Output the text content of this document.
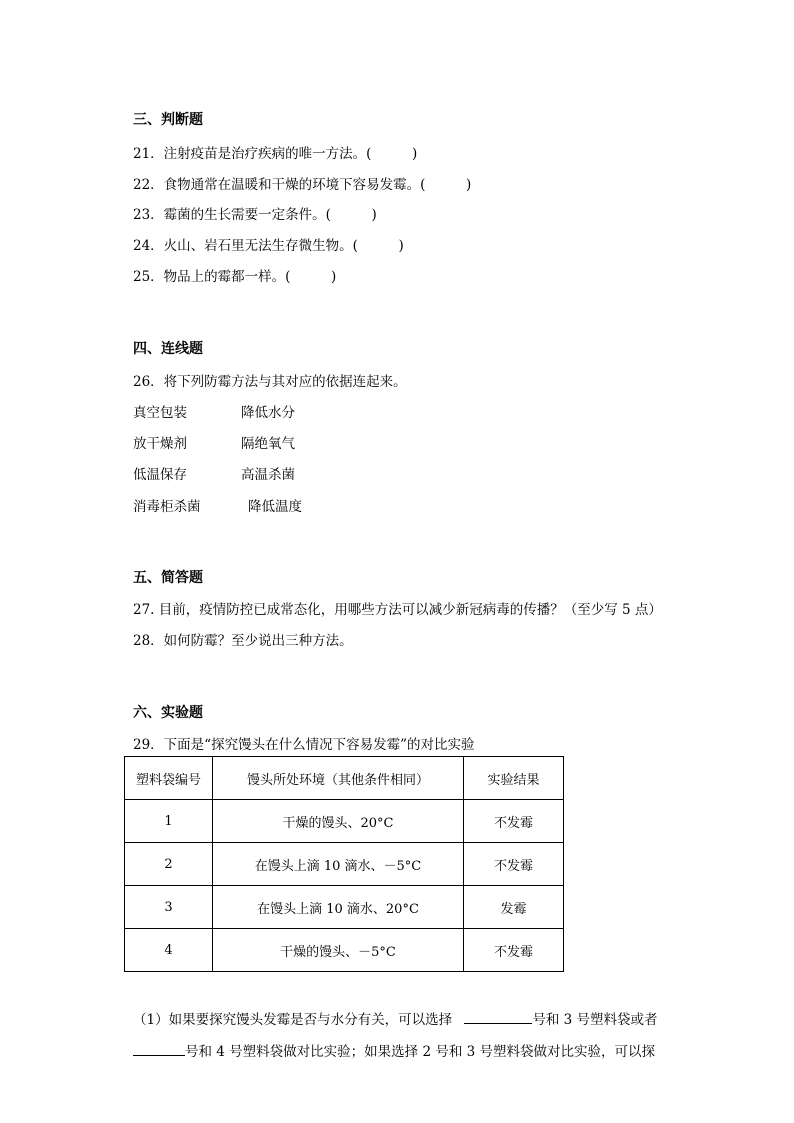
三、判断题
21．注射疫苗是治疗疾病的唯一方法。(　　　)
22．食物通常在温暖和干燥的环境下容易发霉。(　　　)
23．霉菌的生长需要一定条件。(　　　)
24．火山、岩石里无法生存微生物。(　　　)
25．物品上的霉都一样。(　　　)
四、连线题
26．将下列防霉方法与其对应的依据连起来。
真空包装	降低水分
放干燥剂	隔绝氧气
低温保存	高温杀菌
消毒柜杀菌	降低温度
五、简答题
27. 目前，疫情防控已成常态化，用哪些方法可以减少新冠病毒的传播？（至少写 5 点）
28．如何防霉？至少说出三种方法。
六、实验题
29．下面是“探究馒头在什么情况下容易发霉”的对比实验
塑料袋编号	馒头所处环境（其他条件相同）	实验结果
1	干燥的馒头、20°C	不发霉
2	在馒头上滴 10 滴水、－5°C	不发霉
3	在馒头上滴 10 滴水、20°C	发霉
4	干燥的馒头、－5°C	不发霉
（1）如果要探究馒头发霉是否与水分有关，可以选择	号和 3 号塑料袋或者
号和 4 号塑料袋做对比实验；如果选择 2 号和 3 号塑料袋做对比实验，可以探
